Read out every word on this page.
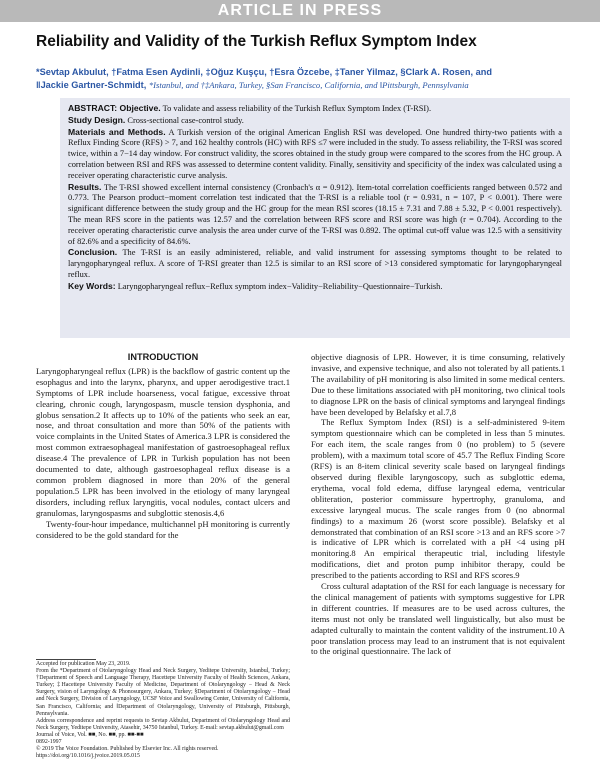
ARTICLE IN PRESS
Reliability and Validity of the Turkish Reflux Symptom Index
*Sevtap Akbulut, †Fatma Esen Aydinli, ‡Oğuz Kuşçu, †Esra Özcebe, ‡Taner Yilmaz, §Clark A. Rosen, and
‖Jackie Gartner-Schmidt, *Istanbul, and †‡Ankara, Turkey, §San Francisco, California, and ‖Pittsburgh, Pennsylvania

ABSTRACT: Objective. To validate and assess reliability of the Turkish Reflux Symptom Index (T-RSI).

Study Design. Cross-sectional case-control study.

Materials and Methods. A Turkish version of the original American English RSI was developed. One hundred thirty-two patients with a Reflux Finding Score (RFS) > 7, and 162 healthy controls (HC) with RFS ≤7 were included in the study. To assess reliability, the T-RSI was scored twice, within a 7−14 day window. For construct validity, the scores obtained in the study group were compared to the scores from the HC group. A correlation between RSI and RFS was assessed to determine content validity. Finally, sensitivity and specificity of the index was calculated using a receiver operating characteristic curve analysis.

Results. The T-RSI showed excellent internal consistency (Cronbach's α = 0.912). Item-total correlation coefficients ranged between 0.572 and 0.773. The Pearson product−moment correlation test indicated that the T-RSI is a reliable tool (r = 0.931, n = 107, P < 0.001). There were significant difference between the study group and the HC group for the mean RSI scores (18.15 ± 7.31 and 7.88 ± 5.32, P < 0.001 respectively). The mean RFS score in the patients was 12.57 and the correlation between RFS score and RSI score was high (r = 0.704). According to the receiver operating characteristic curve analysis the area under curve of the T-RSI was 0.892. The optimal cut-off value was 12.5 with a sensitivity of 82.6% and a specificity of 84.6%.

Conclusion. The T-RSI is an easily administered, reliable, and valid instrument for assessing symptoms thought to be related to laryngopharyngeal reflux. A score of T-RSI greater than 12.5 is similar to an RSI score of >13 considered symptomatic for laryngopharyngeal reflux.

Key Words: Laryngopharyngeal reflux−Reflux symptom index−Validity−Reliability−Questionnaire−Turkish.

INTRODUCTION

Laryngopharyngeal reflux (LPR) is the backflow of gastric content up the esophagus and into the larynx, pharynx, and upper aerodigestive tract.1 Symptoms of LPR include hoarseness, vocal fatigue, excessive throat clearing, chronic cough, laryngospasm, muscle tension dysphonia, and globus sensation.2 It affects up to 10% of the patients who seek an ear, nose, and throat consultation and more than 50% of the patients with voice complaints in the United States of America.3 LPR is considered the most common extraesophageal manifestation of gastroesophageal reflux disease.4 The prevalence of LPR in Turkish population has not been documented to date, although gastroesophageal reflux disease is a common problem diagnosed in more than 20% of the general population.5 LPR has been involved in the etiology of many laryngeal disorders, including reflux laryngitis, vocal nodules, contact ulcers and granulomas, laryngospasms and subglottic stenosis.4,6

Twenty-four-hour impedance, multichannel pH monitoring is currently considered to be the gold standard for the

objective diagnosis of LPR. However, it is time consuming, relatively invasive, and expensive technique, and also not tolerated by all patients.1 The availability of pH monitoring is also limited in some medical centers. Due to these limitations associated with pH monitoring, two clinical tools to diagnose LPR on the basis of clinical symptoms and laryngeal findings have been developed by Belafsky et al.7,8

The Reflux Symptom Index (RSI) is a self-administered 9-item symptom questionnaire which can be completed in less than 5 minutes. For each item, the scale ranges from 0 (no problem) to 5 (severe problem), with a maximum total score of 45.7 The Reflux Finding Score (RFS) is an 8-item clinical severity scale based on laryngeal findings observed during flexible laryngoscopy, such as subglottic edema, erythema, vocal fold edema, diffuse laryngeal edema, ventricular obliteration, posterior commissure hypertrophy, granuloma, and excessive laryngeal mucus. The scale ranges from 0 (no abnormal findings) to a maximum 26 (worst score possible). Belafsky et al demonstrated that combination of an RSI score >13 and an RFS score >7 is indicative of LPR which is correlated with a pH <4 using pH monitoring.8 An empirical therapeutic trial, including lifestyle modifications, diet and proton pump inhibitor therapy, could be prescribed to the patients according to RSI and RFS scores.9

Cross cultural adaptation of the RSI for each language is necessary for the clinical management of patients with symptoms suggestive for LPR in different countries. If measures are to be used across cultures, the items must not only be translated well linguistically, but also must be adapted culturally to maintain the content validity of the instrument.10 A poor translation process may lead to an instrument that is not equivalent to the original questionnaire. The lack of

Accepted for publication May 23, 2019.
From the *Department of Otolaryngology Head and Neck Surgery, Yeditepe University, Istanbul, Turkey; †Department of Speech and Language Therapy, Hacettepe University Faculty of Health Sciences, Ankara, Turkey; ‡Hacettepe University Faculty of Medicine, Department of Otolaryngology − Head & Neck Surgery, vision of Laryngology & Phonosurgery, Ankara, Turkey; §Department of Otolaryngology − Head and Neck Surgery, Division of Laryngology, UCSF Voice and Swallowing Center, University of California, San Francisco, California; and ‖Department of Otolaryngology, University of Pittsburgh, Pittsburgh, Pennsylvania.
Address correspondence and reprint requests to Sevtap Akbulut, Department of Otolaryngology Head and Neck Surgery, Yeditepe University, Atasehir, 34750 Istanbul, Turkey. E-mail: sevtap.akbulut@gmail.com
Journal of Voice, Vol. ■■, No. ■■, pp. ■■-■■
0892-1997
© 2019 The Voice Foundation. Published by Elsevier Inc. All rights reserved.
https://doi.org/10.1016/j.jvoice.2019.05.015
